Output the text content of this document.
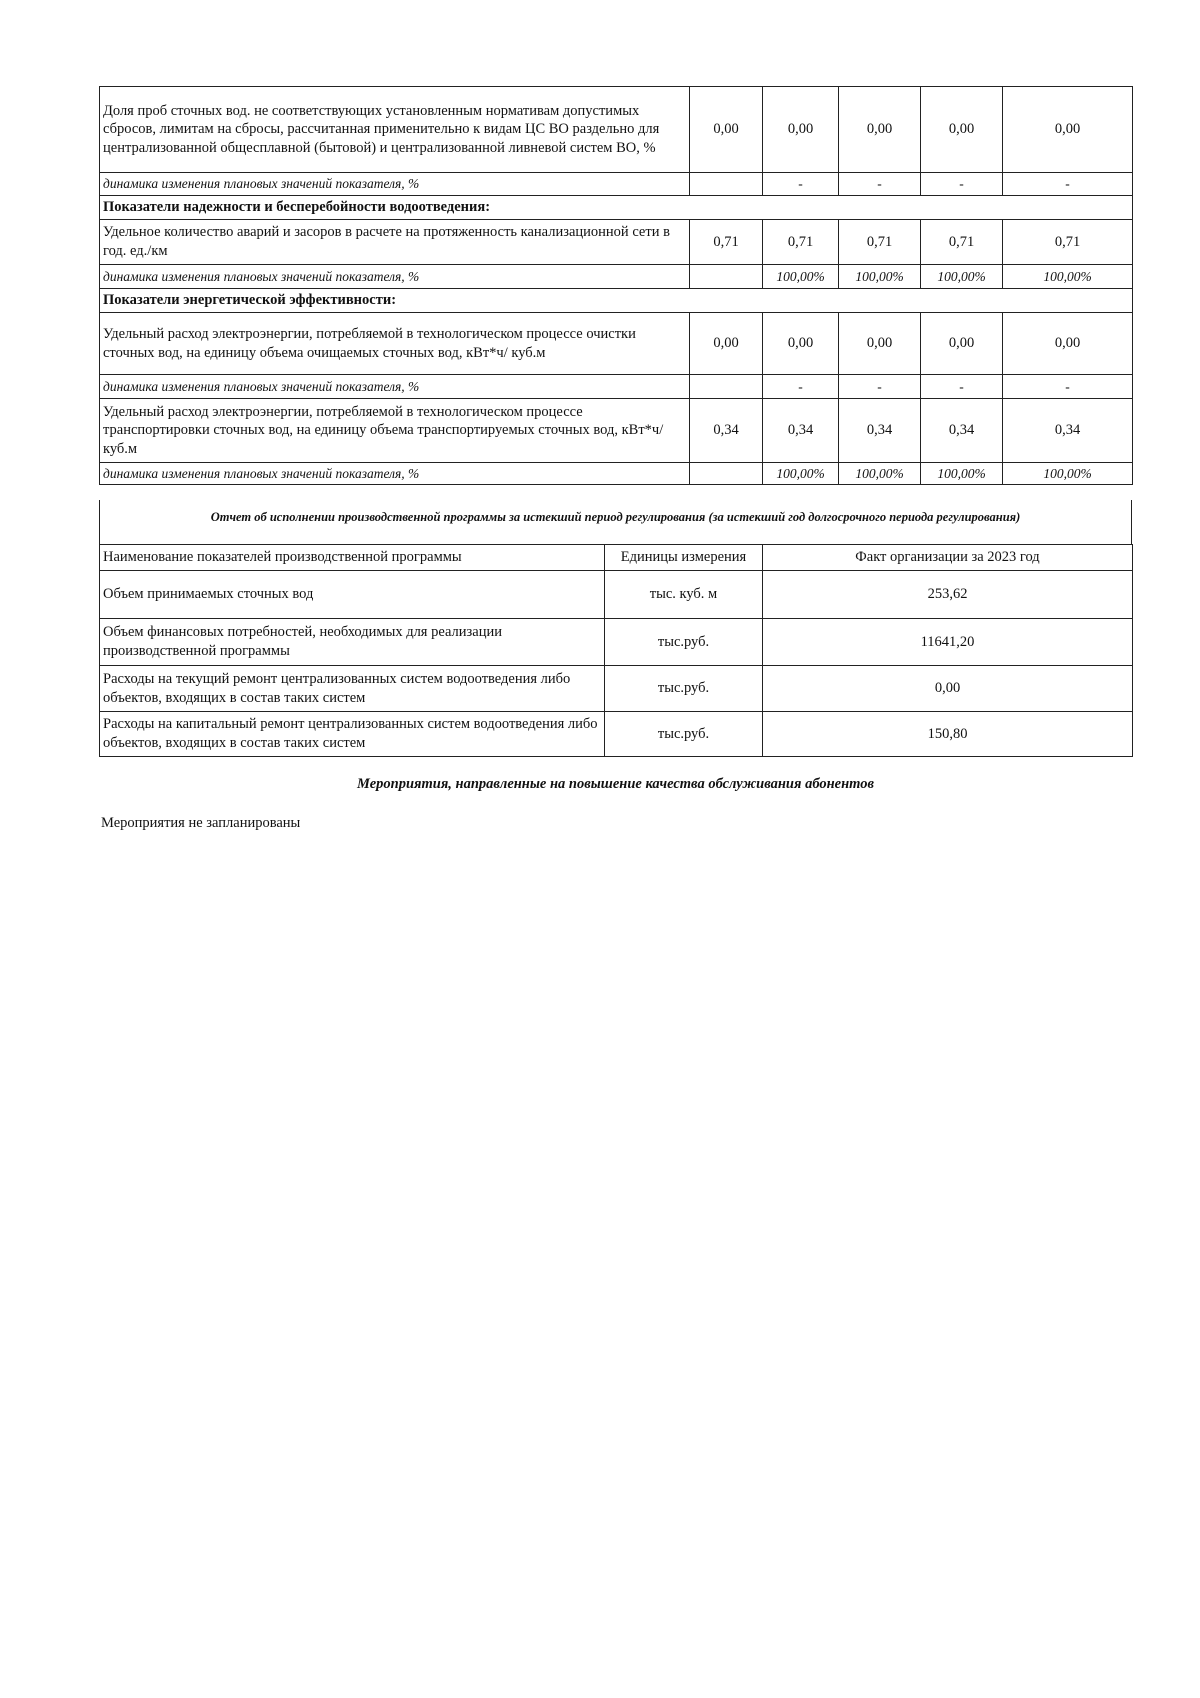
Доля проб сточных вод. не соответствующих установленным нормативам допустимых сбросов, лимитам на сбросы, рассчитанная применительно к видам ЦС ВО раздельно для централизованной общесплавной (бытовой) и централизованной ливневой систем ВО, %	0,00	0,00	0,00	0,00	0,00
динамика изменения плановых значений показателя, %		-	-	-	-
Показатели надежности и бесперебойности водоотведения:					
Удельное количество аварий и засоров в расчете на протяженность канализационной сети в год. ед./км	0,71	0,71	0,71	0,71	0,71
динамика изменения плановых значений показателя, %		100,00%	100,00%	100,00%	100,00%
Показатели энергетической эффективности:					
Удельный расход электроэнергии, потребляемой в технологическом процессе очистки сточных вод, на единицу объема очищаемых сточных вод, кВт*ч/ куб.м	0,00	0,00	0,00	0,00	0,00
динамика изменения плановых значений показателя, %		-	-	-	-
Удельный расход электроэнергии, потребляемой в технологическом процессе транспортировки сточных вод, на единицу объема транспортируемых сточных вод, кВт*ч/ куб.м	0,34	0,34	0,34	0,34	0,34
динамика изменения плановых значений показателя, %		100,00%	100,00%	100,00%	100,00%
Отчет об исполнении производственной программы за истекший период регулирования (за истекший год долгосрочного периода регулирования)
Наименование показателей производственной программы	Единицы измерения	Факт организации за 2023 год
Объем принимаемых сточных вод	тыс. куб. м	253,62
Объем финансовых потребностей, необходимых для реализации производственной программы	тыс.руб.	11641,20
Расходы на текущий ремонт централизованных систем водоотведения либо объектов, входящих в состав таких систем	тыс.руб.	0,00
Расходы на капитальный ремонт централизованных систем водоотведения либо объектов, входящих в состав таких систем	тыс.руб.	150,80
Мероприятия, направленные на повышение качества обслуживания абонентов
Мероприятия не запланированы
